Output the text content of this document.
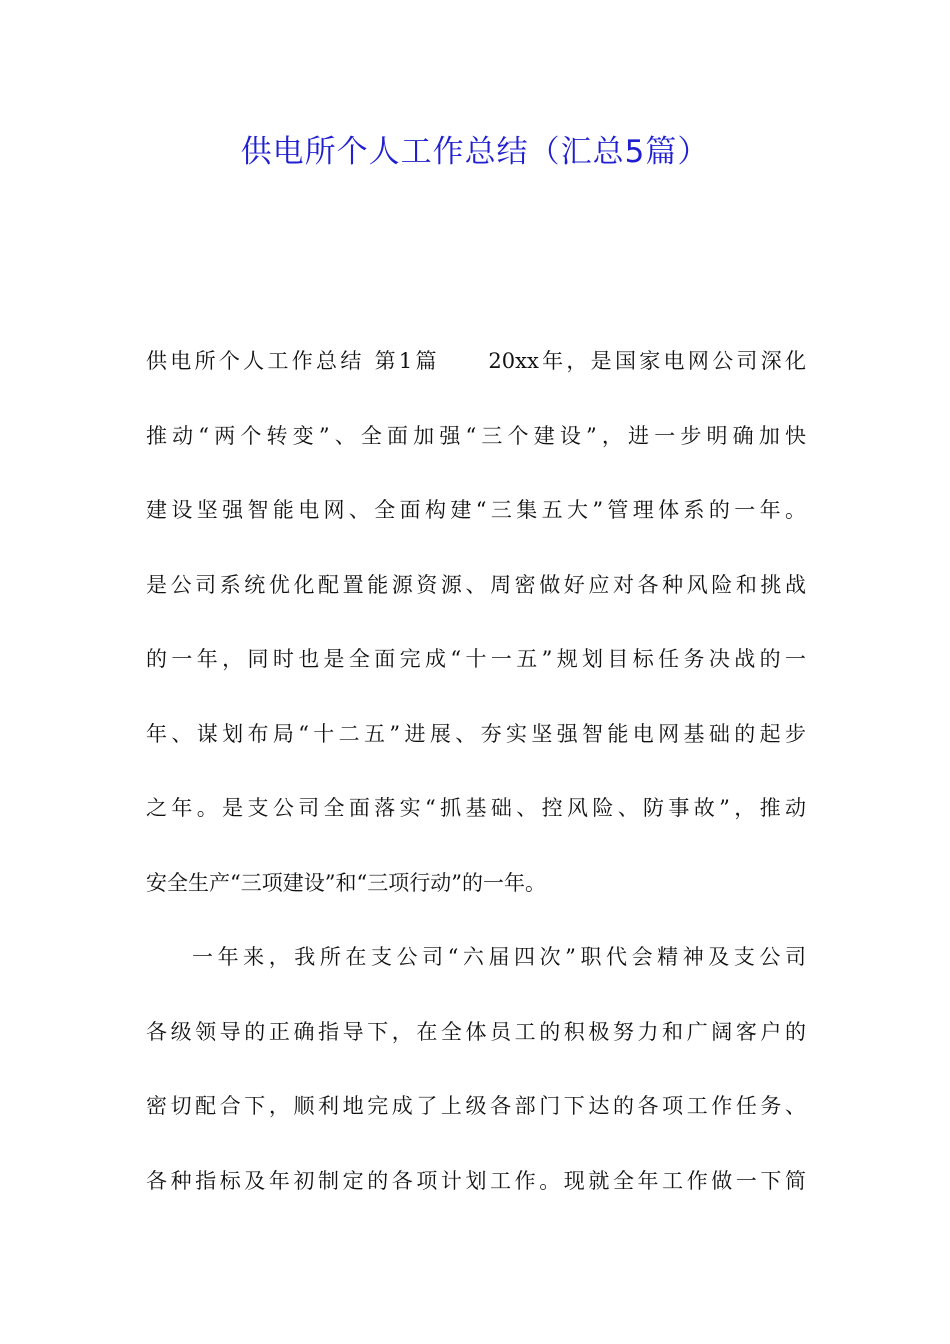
供电所个人工作总结（汇总5篇）
供电所个人工作总结 第1篇　　20xx年，是国家电网公司深化
推动“两个转变”、全面加强“三个建设”，进一步明确加快
建设坚强智能电网、全面构建“三集五大”管理体系的一年。
是公司系统优化配置能源资源、周密做好应对各种风险和挑战
的一年，同时也是全面完成“十一五”规划目标任务决战的一
年、谋划布局“十二五”进展、夯实坚强智能电网基础的起步
之年。是支公司全面落实“抓基础、控风险、防事故”，推动
安全生产“三项建设”和“三项行动”的一年。
一年来，我所在支公司“六届四次”职代会精神及支公司
各级领导的正确指导下，在全体员工的积极努力和广阔客户的
密切配合下，顺利地完成了上级各部门下达的各项工作任务、
各种指标及年初制定的各项计划工作。现就全年工作做一下简
